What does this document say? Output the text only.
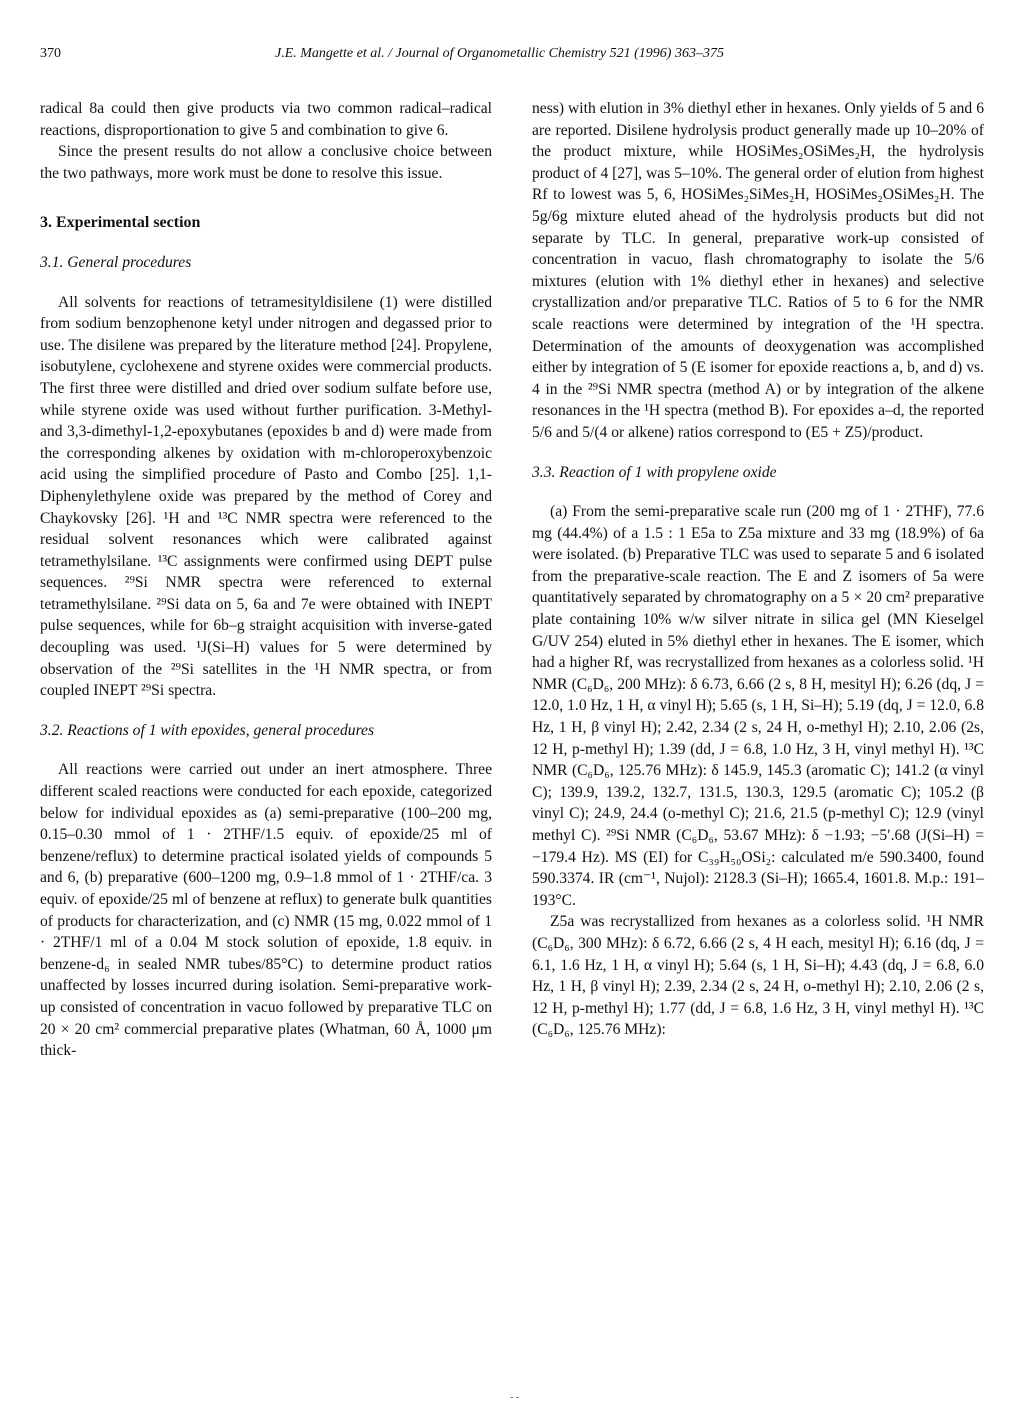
370	J.E. Mangette et al. / Journal of Organometallic Chemistry 521 (1996) 363–375

radical 8a could then give products via two common radical–radical reactions, disproportionation to give 5 and combination to give 6.

Since the present results do not allow a conclusive choice between the two pathways, more work must be done to resolve this issue.

3. Experimental section
3.1. General procedures

All solvents for reactions of tetramesityldisilene (1) were distilled from sodium benzophenone ketyl under nitrogen and degassed prior to use. The disilene was prepared by the literature method [24]. Propylene, isobutylene, cyclohexene and styrene oxides were commercial products. The first three were distilled and dried over sodium sulfate before use, while styrene oxide was used without further purification. 3-Methyl- and 3,3-dimethyl-1,2-epoxybutanes (epoxides b and d) were made from the corresponding alkenes by oxidation with m-chloroperoxybenzoic acid using the simplified procedure of Pasto and Combo [25]. 1,1-Diphenylethylene oxide was prepared by the method of Corey and Chaykovsky [26]. ¹H and ¹³C NMR spectra were referenced to the residual solvent resonances which were calibrated against tetramethylsilane. ¹³C assignments were confirmed using DEPT pulse sequences. ²⁹Si NMR spectra were referenced to external tetramethylsilane. ²⁹Si data on 5, 6a and 7e were obtained with INEPT pulse sequences, while for 6b–g straight acquisition with inverse-gated decoupling was used. ¹J(Si–H) values for 5 were determined by observation of the ²⁹Si satellites in the ¹H NMR spectra, or from coupled INEPT ²⁹Si spectra.

3.2. Reactions of 1 with epoxides, general procedures

All reactions were carried out under an inert atmosphere. Three different scaled reactions were conducted for each epoxide, categorized below for individual epoxides as (a) semi-preparative (100–200 mg, 0.15–0.30 mmol of 1 · 2THF/1.5 equiv. of epoxide/25 ml of benzene/reflux) to determine practical isolated yields of compounds 5 and 6, (b) preparative (600–1200 mg, 0.9–1.8 mmol of 1 · 2THF/ca. 3 equiv. of epoxide/25 ml of benzene at reflux) to generate bulk quantities of products for characterization, and (c) NMR (15 mg, 0.022 mmol of 1 · 2THF/1 ml of a 0.04 M stock solution of epoxide, 1.8 equiv. in benzene-d₆ in sealed NMR tubes/85°C) to determine product ratios unaffected by losses incurred during isolation. Semi-preparative work-up consisted of concentration in vacuo followed by preparative TLC on 20 × 20 cm² commercial preparative plates (Whatman, 60 Å, 1000 μm thick-

ness) with elution in 3% diethyl ether in hexanes. Only yields of 5 and 6 are reported. Disilene hydrolysis product generally made up 10–20% of the product mixture, while HOSiMes₂OSiMes₂H, the hydrolysis product of 4 [27], was 5–10%. The general order of elution from highest Rf to lowest was 5, 6, HOSiMes₂SiMes₂H, HOSiMes₂OSiMes₂H. The 5g/6g mixture eluted ahead of the hydrolysis products but did not separate by TLC. In general, preparative work-up consisted of concentration in vacuo, flash chromatography to isolate the 5/6 mixtures (elution with 1% diethyl ether in hexanes) and selective crystallization and/or preparative TLC. Ratios of 5 to 6 for the NMR scale reactions were determined by integration of the ¹H spectra. Determination of the amounts of deoxygenation was accomplished either by integration of 5 (E isomer for epoxide reactions a, b, and d) vs. 4 in the ²⁹Si NMR spectra (method A) or by integration of the alkene resonances in the ¹H spectra (method B). For epoxides a–d, the reported 5/6 and 5/(4 or alkene) ratios correspond to (E5 + Z5)/product.

3.3. Reaction of 1 with propylene oxide

(a) From the semi-preparative scale run (200 mg of 1 · 2THF), 77.6 mg (44.4%) of a 1.5 : 1 E5a to Z5a mixture and 33 mg (18.9%) of 6a were isolated. (b) Preparative TLC was used to separate 5 and 6 isolated from the preparative-scale reaction. The E and Z isomers of 5a were quantitatively separated by chromatography on a 5 × 20 cm² preparative plate containing 10% w/w silver nitrate in silica gel (MN Kieselgel G/UV 254) eluted in 5% diethyl ether in hexanes. The E isomer, which had a higher Rf, was recrystallized from hexanes as a colorless solid. ¹H NMR (C₆D₆, 200 MHz): δ 6.73, 6.66 (2 s, 8 H, mesityl H); 6.26 (dq, J = 12.0, 1.0 Hz, 1 H, α vinyl H); 5.65 (s, 1 H, Si–H); 5.19 (dq, J = 12.0, 6.8 Hz, 1 H, β vinyl H); 2.42, 2.34 (2 s, 24 H, o-methyl H); 2.10, 2.06 (2s, 12 H, p-methyl H); 1.39 (dd, J = 6.8, 1.0 Hz, 3 H, vinyl methyl H). ¹³C NMR (C₆D₆, 125.76 MHz): δ 145.9, 145.3 (aromatic C); 141.2 (α vinyl C); 139.9, 139.2, 132.7, 131.5, 130.3, 129.5 (aromatic C); 105.2 (β vinyl C); 24.9, 24.4 (o-methyl C); 21.6, 21.5 (p-methyl C); 12.9 (vinyl methyl C). ²⁹Si NMR (C₆D₆, 53.67 MHz): δ −1.93; −5′.68 (J(Si–H) = −179.4 Hz). MS (EI) for C₃₉H₅₀OSi₂: calculated m/e 590.3400, found 590.3374. IR (cm⁻¹, Nujol): 2128.3 (Si–H); 1665.4, 1601.8. M.p.: 191–193°C.

Z5a was recrystallized from hexanes as a colorless solid. ¹H NMR (C₆D₆, 300 MHz): δ 6.72, 6.66 (2 s, 4 H each, mesityl H); 6.16 (dq, J = 6.1, 1.6 Hz, 1 H, α vinyl H); 5.64 (s, 1 H, Si–H); 4.43 (dq, J = 6.8, 6.0 Hz, 1 H, β vinyl H); 2.39, 2.34 (2 s, 24 H, o-methyl H); 2.10, 2.06 (2 s, 12 H, p-methyl H); 1.77 (dd, J = 6.8, 1.6 Hz, 3 H, vinyl methyl H). ¹³C (C₆D₆, 125.76 MHz):

- -
